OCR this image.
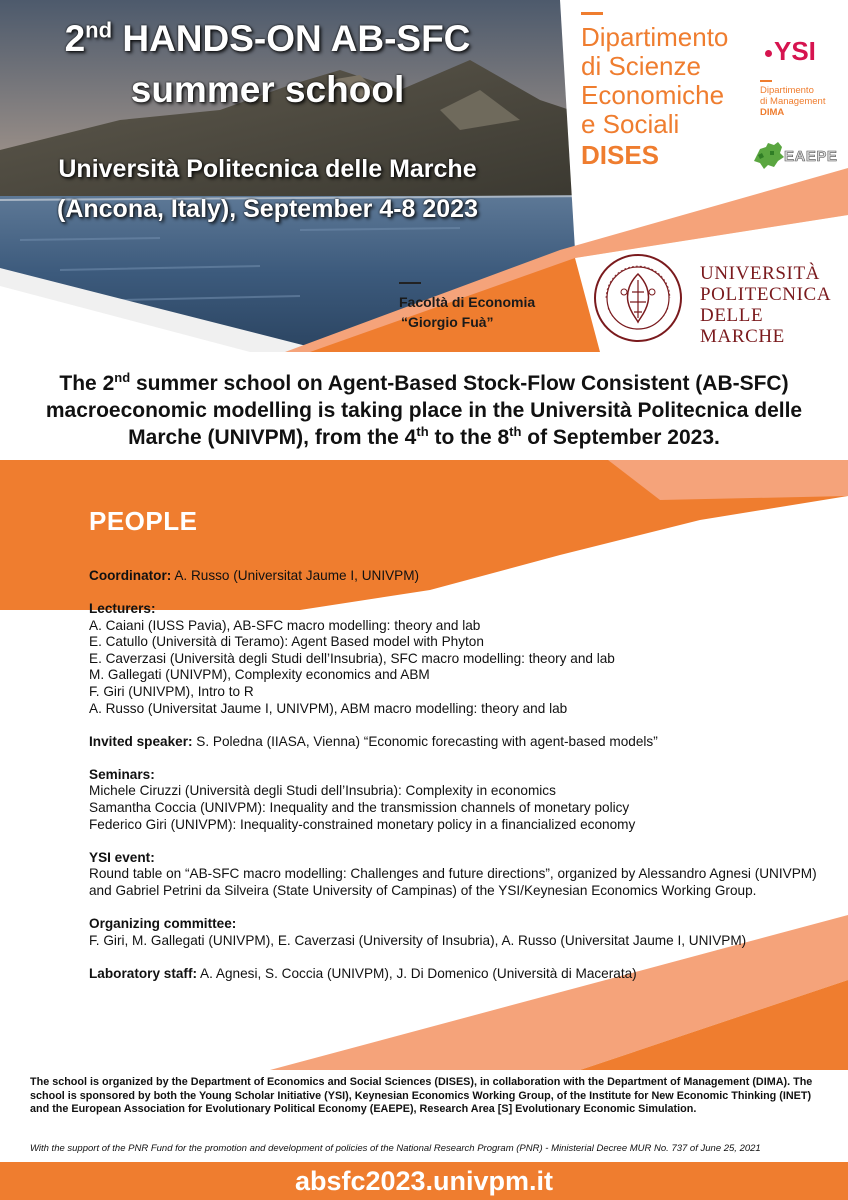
2nd HANDS-ON AB-SFC
summer school
Università Politecnica delle Marche
(Ancona, Italy), September 4-8 2023
Facoltà di Economia
“Giorgio Fuà”
Dipartimento
di Scienze
Economiche
e Sociali
DISES
YSI
Dipartimento
di Management
DIMA
EAEPE
UNIVERSITÀ
POLITECNICA
DELLE MARCHE
The 2nd summer school on Agent-Based Stock-Flow Consistent (AB-SFC) macroeconomic modelling is taking place in the Università Politecnica delle Marche (UNIVPM), from the 4th to the 8th of September 2023.
PEOPLE
Coordinator: A. Russo (Universitat Jaume I, UNIVPM)
Lecturers:
A. Caiani (IUSS Pavia), AB-SFC macro modelling: theory and lab
E. Catullo (Università di Teramo): Agent Based model with Phyton
E. Caverzasi (Università degli Studi dell’Insubria), SFC macro modelling: theory and lab
M. Gallegati (UNIVPM), Complexity economics and ABM
F. Giri (UNIVPM), Intro to R
A. Russo (Universitat Jaume I, UNIVPM), ABM macro modelling: theory and lab
Invited speaker: S. Poledna (IIASA, Vienna) “Economic forecasting with agent-based models”
Seminars:
Michele Ciruzzi (Università degli Studi dell’Insubria): Complexity in economics
Samantha Coccia (UNIVPM): Inequality and the transmission channels of monetary policy
Federico Giri (UNIVPM): Inequality-constrained monetary policy in a financialized economy
YSI event:
Round table on “AB-SFC macro modelling: Challenges and future directions”, organized by Alessandro Agnesi (UNIVPM) and Gabriel Petrini da Silveira (State University of Campinas) of the YSI/Keynesian Economics Working Group.
Organizing committee:
F. Giri, M. Gallegati (UNIVPM), E. Caverzasi (University of Insubria), A. Russo (Universitat Jaume I, UNIVPM)
Laboratory staff: A. Agnesi, S. Coccia (UNIVPM), J. Di Domenico (Università di Macerata)
The school is organized by the Department of Economics and Social Sciences (DISES), in collaboration with the Department of Management (DIMA). The school is sponsored by both the Young Scholar Initiative (YSI), Keynesian Economics Working Group, of the Institute for New Economic Thinking (INET) and the European Association for Evolutionary Political Economy (EAEPE), Research Area [S] Evolutionary Economic Simulation.
With the support of the PNR Fund for the promotion and development of policies of the National Research Program (PNR) - Ministerial Decree MUR No. 737 of June 25, 2021
absfc2023.univpm.it
